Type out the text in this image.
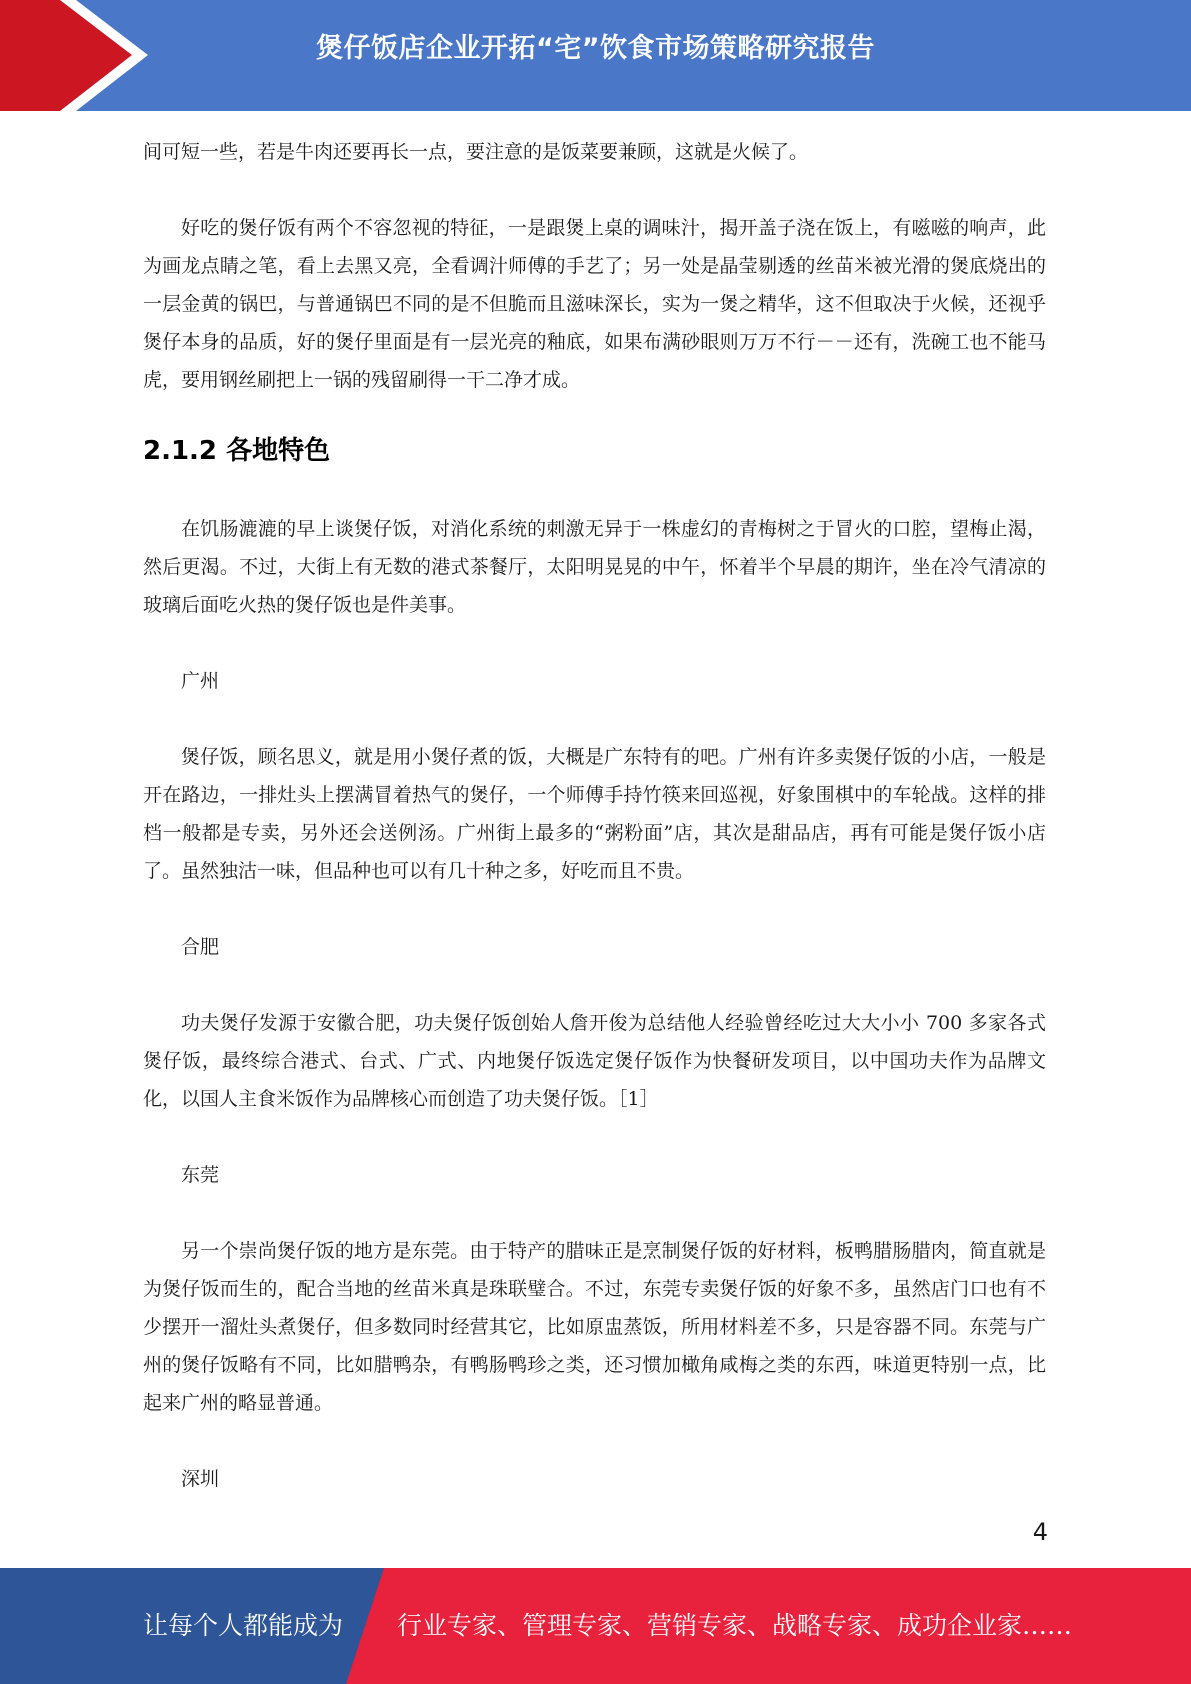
煲仔饭店企业开拓“宅”饮食市场策略研究报告

间可短一些，若是牛肉还要再长一点，要注意的是饭菜要兼顾，这就是火候了。

好吃的煲仔饭有两个不容忽视的特征，一是跟煲上桌的调味汁，揭开盖子浇在饭上，有嗞嗞的响声，此为画龙点睛之笔，看上去黑又亮，全看调汁师傅的手艺了；另一处是晶莹剔透的丝苗米被光滑的煲底烧出的一层金黄的锅巴，与普通锅巴不同的是不但脆而且滋味深长，实为一煲之精华，这不但取决于火候，还视乎煲仔本身的品质，好的煲仔里面是有一层光亮的釉底，如果布满砂眼则万万不行－－还有，洗碗工也不能马虎，要用钢丝刷把上一锅的残留刷得一干二净才成。

2.1.2 各地特色

在饥肠漉漉的早上谈煲仔饭，对消化系统的刺激无异于一株虚幻的青梅树之于冒火的口腔，望梅止渴，然后更渴。不过，大街上有无数的港式茶餐厅，太阳明晃晃的中午，怀着半个早晨的期许，坐在冷气清凉的玻璃后面吃火热的煲仔饭也是件美事。

广州

煲仔饭，顾名思义，就是用小煲仔煮的饭，大概是广东特有的吧。广州有许多卖煲仔饭的小店，一般是开在路边，一排灶头上摆满冒着热气的煲仔，一个师傅手持竹筷来回巡视，好象围棋中的车轮战。这样的排档一般都是专卖，另外还会送例汤。广州街上最多的“粥粉面”店，其次是甜品店，再有可能是煲仔饭小店了。虽然独沽一味，但品种也可以有几十种之多，好吃而且不贵。

合肥

功夫煲仔发源于安徽合肥，功夫煲仔饭创始人詹开俊为总结他人经验曾经吃过大大小小 700 多家各式煲仔饭，最终综合港式、台式、广式、内地煲仔饭选定煲仔饭作为快餐研发项目，以中国功夫作为品牌文化，以国人主食米饭作为品牌核心而创造了功夫煲仔饭。［1］

东莞

另一个崇尚煲仔饭的地方是东莞。由于特产的腊味正是烹制煲仔饭的好材料，板鸭腊肠腊肉，简直就是为煲仔饭而生的，配合当地的丝苗米真是珠联璧合。不过，东莞专卖煲仔饭的好象不多，虽然店门口也有不少摆开一溜灶头煮煲仔，但多数同时经营其它，比如原盅蒸饭，所用材料差不多，只是容器不同。东莞与广州的煲仔饭略有不同，比如腊鸭杂，有鸭肠鸭珍之类，还习惯加橄角咸梅之类的东西，味道更特别一点，比起来广州的略显普通。

深圳

4
让每个人都能成为 行业专家、管理专家、营销专家、战略专家、成功企业家……
